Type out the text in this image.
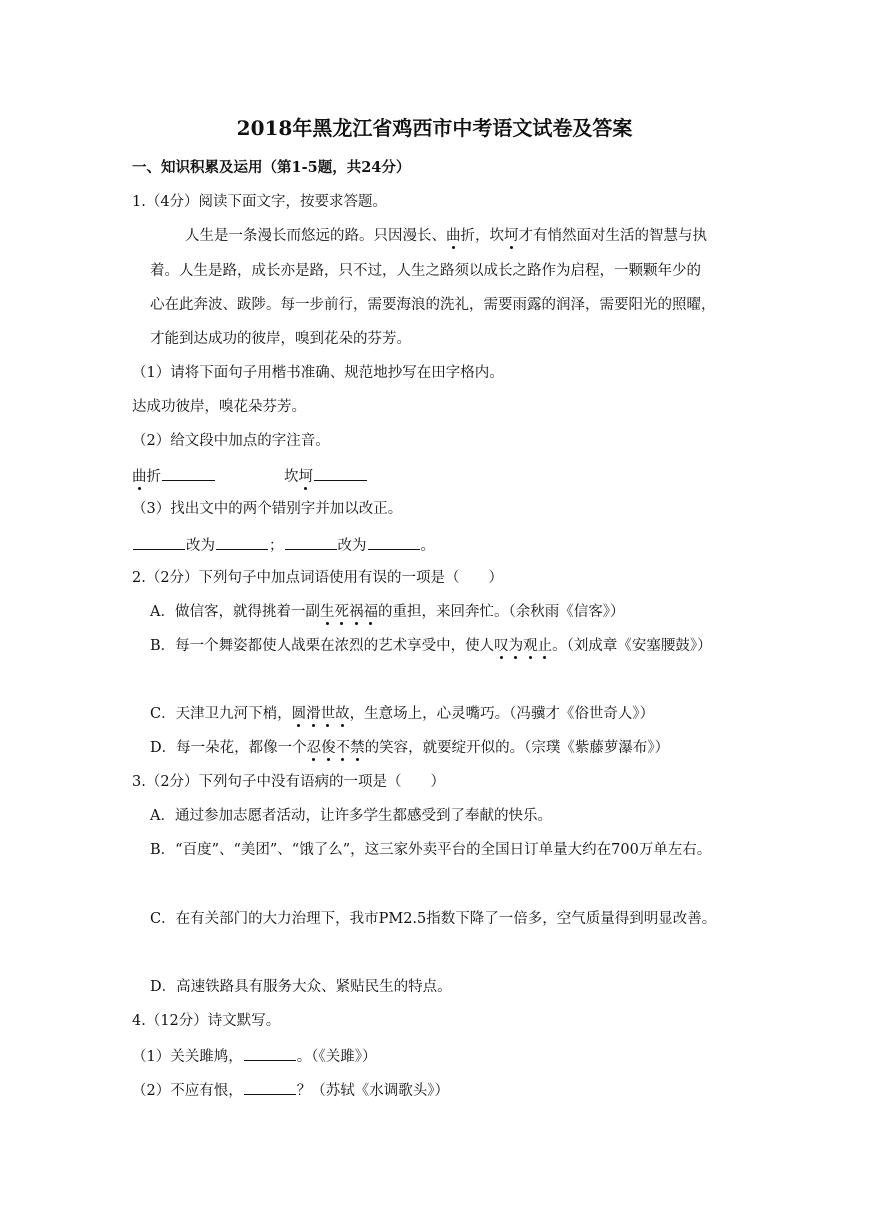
2018年黑龙江省鸡西市中考语文试卷及答案
一、知识积累及运用（第1-5题，共24分）
1.（4分）阅读下面文字，按要求答题。
人生是一条漫长而悠远的路。只因漫长、曲折，坎坷才有悄然面对生活的智慧与执
着。人生是路，成长亦是路，只不过，人生之路须以成长之路作为启程，一颗颗年少的
心在此奔波、跋陟。每一步前行，需要海浪的洗礼，需要雨露的润泽，需要阳光的照曜，
才能到达成功的彼岸，嗅到花朵的芬芳。
（1）请将下面句子用楷书准确、规范地抄写在田字格内。
达成功彼岸，嗅花朵芬芳。
（2）给文段中加点的字注音。
曲折	坎坷
（3）找出文中的两个错别字并加以改正。
改为	；	改为	。
2.（2分）下列句子中加点词语使用有误的一项是（　　）
A．做信客，就得挑着一副生死祸福的重担，来回奔忙。（余秋雨《信客》）
B．每一个舞姿都使人战栗在浓烈的艺术享受中，使人叹为观止。（刘成章《安塞腰鼓》）
C．天津卫九河下梢，圆滑世故，生意场上，心灵嘴巧。（冯骥才《俗世奇人》）
D．每一朵花，都像一个忍俊不禁的笑容，就要绽开似的。（宗璞《紫藤萝瀑布》）
3.（2分）下列句子中没有语病的一项是（　　）
A．通过参加志愿者活动，让许多学生都感受到了奉献的快乐。
B．“百度”、“美团”、“饿了么”，这三家外卖平台的全国日订单量大约在700万单左右。
C．在有关部门的大力治理下，我市PM2.5指数下降了一倍多，空气质量得到明显改善。
D．高速铁路具有服务大众、紧贴民生的特点。
4.（12分）诗文默写。
（1）关关雎鸠，	。（《关雎》）
（2）不应有恨，	？（苏轼《水调歌头》）
